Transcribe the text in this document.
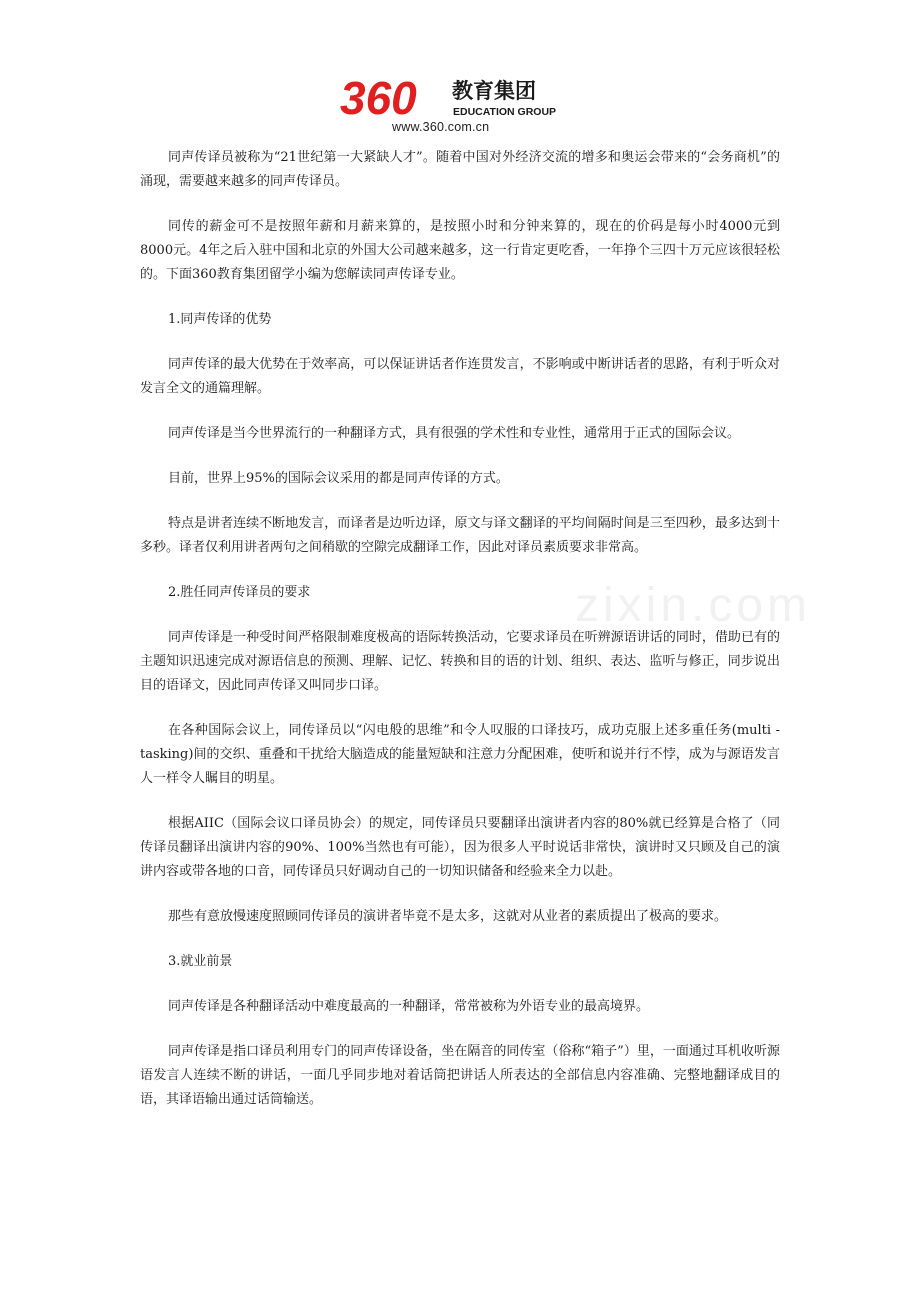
360 教育集团
EDUCATION GROUP
www.360.com.cn
zixin.com

同声传译员被称为“21世纪第一大紧缺人才”。随着中国对外经济交流的增多和奥运会带来的“会务商机”的涌现，需要越来越多的同声传译员。

同传的薪金可不是按照年薪和月薪来算的，是按照小时和分钟来算的，现在的价码是每小时4000元到8000元。4年之后入驻中国和北京的外国大公司越来越多，这一行肯定更吃香，一年挣个三四十万元应该很轻松的。下面360教育集团留学小编为您解读同声传译专业。

1.同声传译的优势

同声传译的最大优势在于效率高，可以保证讲话者作连贯发言，不影响或中断讲话者的思路，有利于听众对发言全文的通篇理解。

同声传译是当今世界流行的一种翻译方式，具有很强的学术性和专业性，通常用于正式的国际会议。

目前，世界上95%的国际会议采用的都是同声传译的方式。

特点是讲者连续不断地发言，而译者是边听边译，原文与译文翻译的平均间隔时间是三至四秒，最多达到十多秒。译者仅利用讲者两句之间稍歇的空隙完成翻译工作，因此对译员素质要求非常高。

2.胜任同声传译员的要求

同声传译是一种受时间严格限制难度极高的语际转换活动，它要求译员在听辨源语讲话的同时，借助已有的主题知识迅速完成对源语信息的预测、理解、记忆、转换和目的语的计划、组织、表达、监听与修正，同步说出目的语译文，因此同声传译又叫同步口译。

在各种国际会议上，同传译员以“闪电般的思维”和令人叹服的口译技巧，成功克服上述多重任务(multi -tasking)间的交织、重叠和干扰给大脑造成的能量短缺和注意力分配困难，使听和说并行不悖，成为与源语发言人一样令人瞩目的明星。

根据AIIC（国际会议口译员协会）的规定，同传译员只要翻译出演讲者内容的80%就已经算是合格了（同传译员翻译出演讲内容的90%、100%当然也有可能），因为很多人平时说话非常快，演讲时又只顾及自己的演讲内容或带各地的口音，同传译员只好调动自己的一切知识储备和经验来全力以赴。

那些有意放慢速度照顾同传译员的演讲者毕竟不是太多，这就对从业者的素质提出了极高的要求。

3.就业前景

同声传译是各种翻译活动中难度最高的一种翻译，常常被称为外语专业的最高境界。

同声传译是指口译员利用专门的同声传译设备，坐在隔音的同传室（俗称“箱子”）里，一面通过耳机收听源语发言人连续不断的讲话，一面几乎同步地对着话筒把讲话人所表达的全部信息内容准确、完整地翻译成目的语，其译语输出通过话筒输送。
